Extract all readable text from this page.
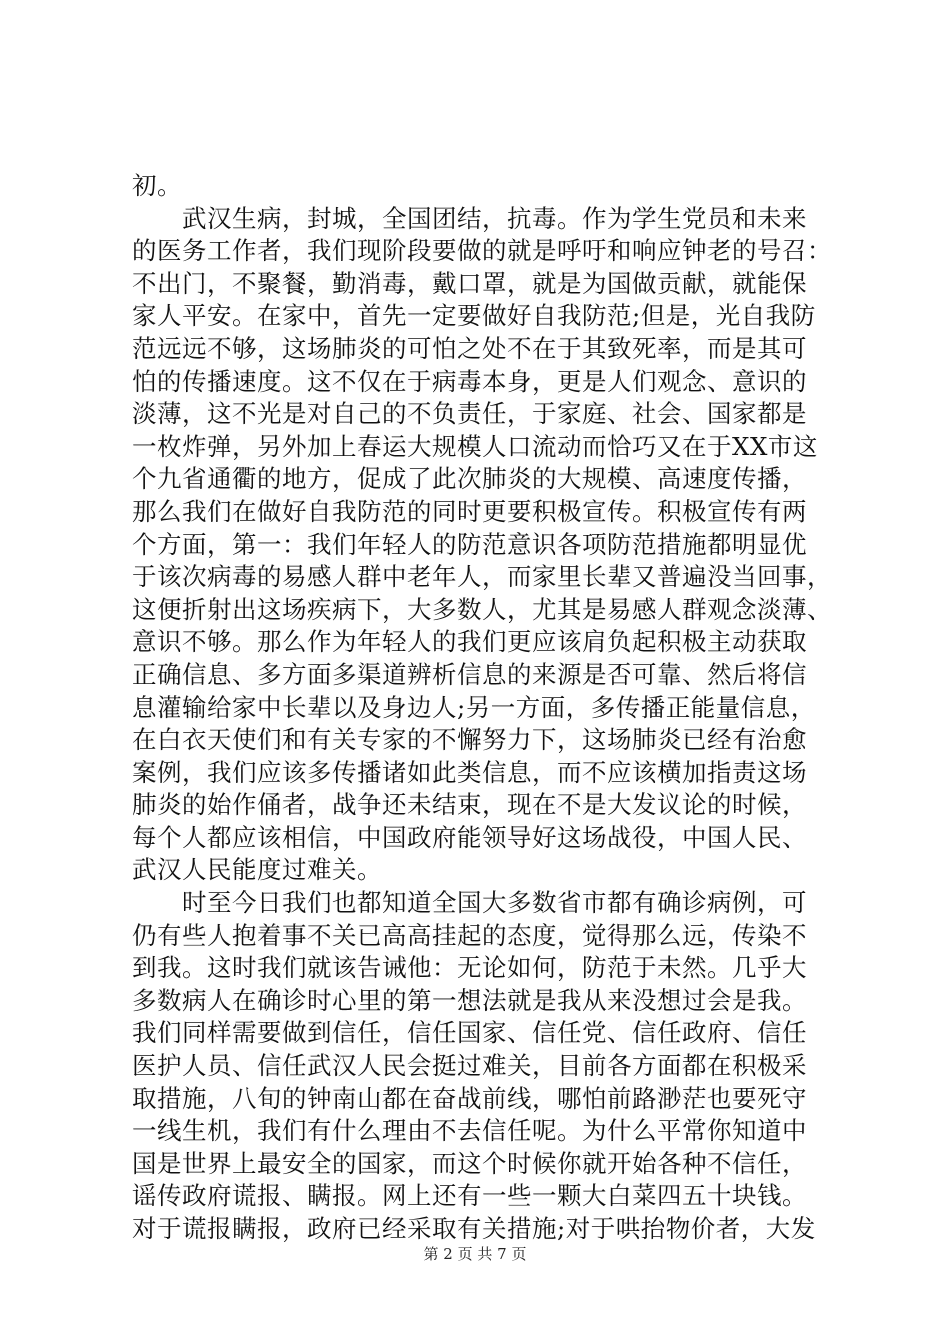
初。
　　武汉生病，封城，全国团结，抗毒。作为学生党员和未来
的医务工作者，我们现阶段要做的就是呼吁和响应钟老的号召：
不出门，不聚餐，勤消毒，戴口罩，就是为国做贡献，就能保
家人平安。在家中，首先一定要做好自我防范;但是，光自我防
范远远不够，这场肺炎的可怕之处不在于其致死率，而是其可
怕的传播速度。这不仅在于病毒本身，更是人们观念、意识的
淡薄，这不光是对自己的不负责任，于家庭、社会、国家都是
一枚炸弹，另外加上春运大规模人口流动而恰巧又在于XX市这
个九省通衢的地方，促成了此次肺炎的大规模、高速度传播，
那么我们在做好自我防范的同时更要积极宣传。积极宣传有两
个方面，第一：我们年轻人的防范意识各项防范措施都明显优
于该次病毒的易感人群中老年人，而家里长辈又普遍没当回事，
这便折射出这场疾病下，大多数人，尤其是易感人群观念淡薄、
意识不够。那么作为年轻人的我们更应该肩负起积极主动获取
正确信息、多方面多渠道辨析信息的来源是否可靠、然后将信
息灌输给家中长辈以及身边人;另一方面，多传播正能量信息，
在白衣天使们和有关专家的不懈努力下，这场肺炎已经有治愈
案例，我们应该多传播诸如此类信息，而不应该横加指责这场
肺炎的始作俑者，战争还未结束，现在不是大发议论的时候，
每个人都应该相信，中国政府能领导好这场战役，中国人民、
武汉人民能度过难关。
　　时至今日我们也都知道全国大多数省市都有确诊病例，可
仍有些人抱着事不关已高高挂起的态度，觉得那么远，传染不
到我。这时我们就该告诫他：无论如何，防范于未然。几乎大
多数病人在确诊时心里的第一想法就是我从来没想过会是我。
我们同样需要做到信任，信任国家、信任党、信任政府、信任
医护人员、信任武汉人民会挺过难关，目前各方面都在积极采
取措施，八旬的钟南山都在奋战前线，哪怕前路渺茫也要死守
一线生机，我们有什么理由不去信任呢。为什么平常你知道中
国是世界上最安全的国家，而这个时候你就开始各种不信任，
谣传政府谎报、瞒报。网上还有一些一颗大白菜四五十块钱。
对于谎报瞒报，政府已经采取有关措施;对于哄抬物价者，大发
第 2 页 共 7 页
